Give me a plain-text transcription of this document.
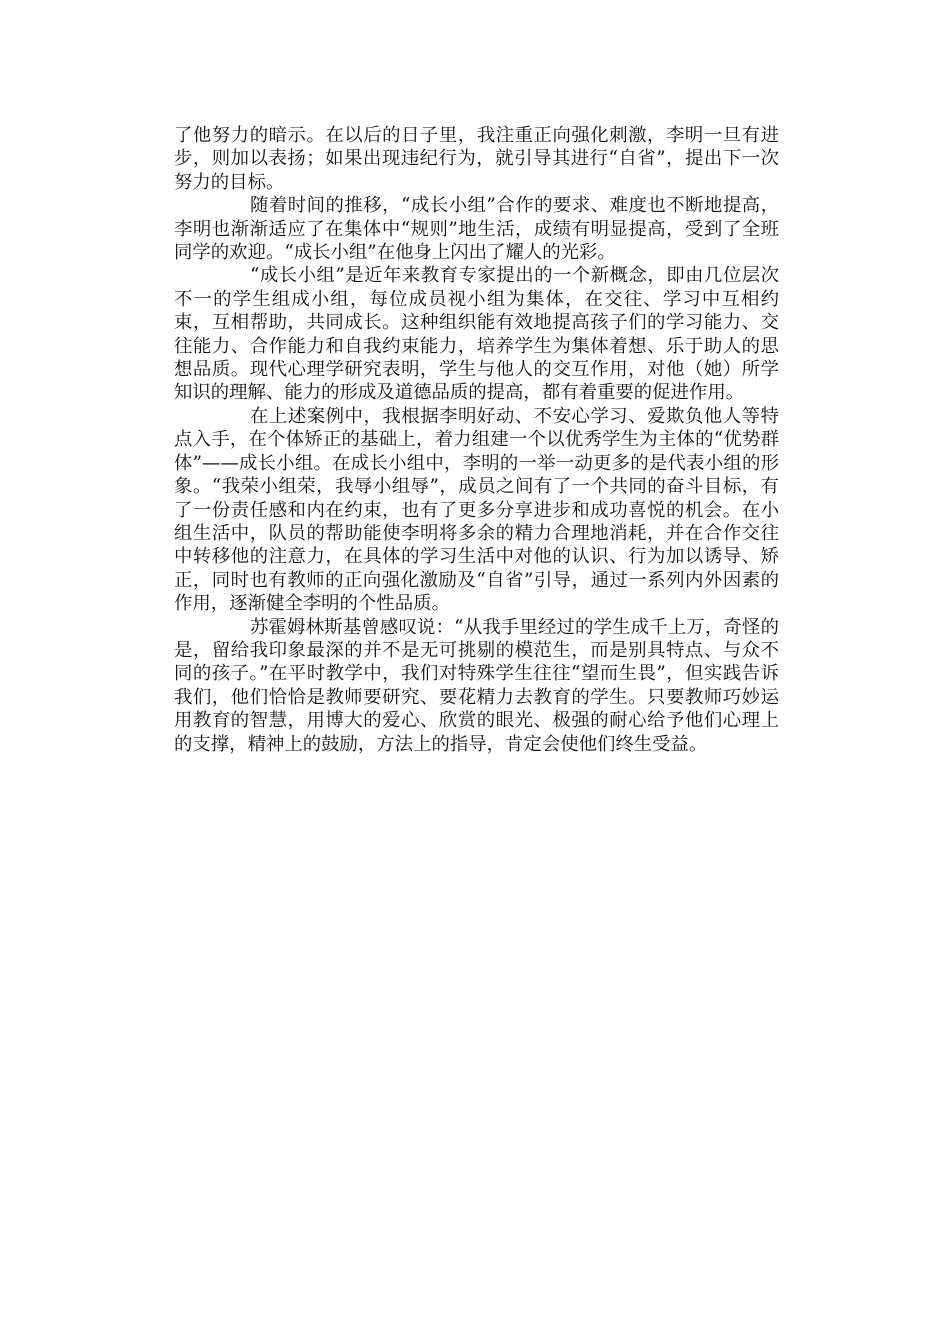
了他努力的暗示。在以后的日子里，我注重正向强化刺激，李明一旦有进步，则加以表扬；如果出现违纪行为，就引导其进行“自省”，提出下一次努力的目标。

随着时间的推移，“成长小组”合作的要求、难度也不断地提高，李明也渐渐适应了在集体中“规则”地生活，成绩有明显提高，受到了全班同学的欢迎。“成长小组”在他身上闪出了耀人的光彩。

“成长小组”是近年来教育专家提出的一个新概念，即由几位层次不一的学生组成小组，每位成员视小组为集体，在交往、学习中互相约束，互相帮助，共同成长。这种组织能有效地提高孩子们的学习能力、交往能力、合作能力和自我约束能力，培养学生为集体着想、乐于助人的思想品质。现代心理学研究表明，学生与他人的交互作用，对他（她）所学知识的理解、能力的形成及道德品质的提高，都有着重要的促进作用。

在上述案例中，我根据李明好动、不安心学习、爱欺负他人等特点入手，在个体矫正的基础上，着力组建一个以优秀学生为主体的“优势群体”——成长小组。在成长小组中，李明的一举一动更多的是代表小组的形象。“我荣小组荣，我辱小组辱”，成员之间有了一个共同的奋斗目标，有了一份责任感和内在约束，也有了更多分享进步和成功喜悦的机会。在小组生活中，队员的帮助能使李明将多余的精力合理地消耗，并在合作交往中转移他的注意力，在具体的学习生活中对他的认识、行为加以诱导、矫正，同时也有教师的正向强化激励及“自省”引导，通过一系列内外因素的作用，逐渐健全李明的个性品质。

苏霍姆林斯基曾感叹说：“从我手里经过的学生成千上万，奇怪的是，留给我印象最深的并不是无可挑剔的模范生，而是别具特点、与众不同的孩子。”在平时教学中，我们对特殊学生往往“望而生畏”，但实践告诉我们，他们恰恰是教师要研究、要花精力去教育的学生。只要教师巧妙运用教育的智慧，用博大的爱心、欣赏的眼光、极强的耐心给予他们心理上的支撑，精神上的鼓励，方法上的指导，肯定会使他们终生受益。
